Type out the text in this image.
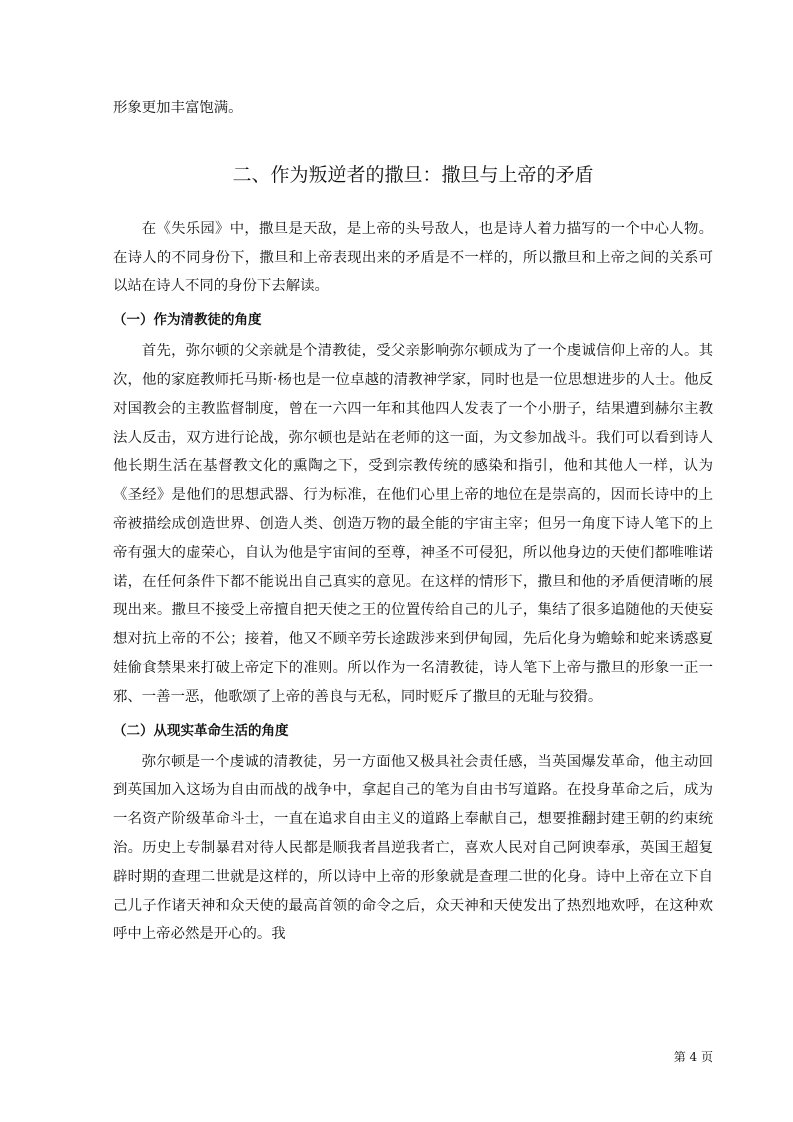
形象更加丰富饱满。

二、作为叛逆者的撒旦：撒旦与上帝的矛盾

在《失乐园》中，撒旦是天敌，是上帝的头号敌人，也是诗人着力描写的一个中心人物。在诗人的不同身份下，撒旦和上帝表现出来的矛盾是不一样的，所以撒旦和上帝之间的关系可以站在诗人不同的身份下去解读。

（一）作为清教徒的角度

首先，弥尔顿的父亲就是个清教徒，受父亲影响弥尔顿成为了一个虔诚信仰上帝的人。其次，他的家庭教师托马斯·杨也是一位卓越的清教神学家，同时也是一位思想进步的人士。他反对国教会的主教监督制度，曾在一六四一年和其他四人发表了一个小册子，结果遭到赫尔主教法人反击，双方进行论战，弥尔顿也是站在老师的这一面，为文参加战斗。我们可以看到诗人他长期生活在基督教文化的熏陶之下，受到宗教传统的感染和指引，他和其他人一样，认为《圣经》是他们的思想武器、行为标准，在他们心里上帝的地位在是崇高的，因而长诗中的上帝被描绘成创造世界、创造人类、创造万物的最全能的宇宙主宰；但另一角度下诗人笔下的上帝有强大的虚荣心，自认为他是宇宙间的至尊，神圣不可侵犯，所以他身边的天使们都唯唯诺诺，在任何条件下都不能说出自己真实的意见。在这样的情形下，撒旦和他的矛盾便清晰的展现出来。撒旦不接受上帝擅自把天使之王的位置传给自己的儿子，集结了很多追随他的天使妄想对抗上帝的不公；接着，他又不顾辛劳长途跋涉来到伊甸园，先后化身为蟾蜍和蛇来诱惑夏娃偷食禁果来打破上帝定下的准则。所以作为一名清教徒，诗人笔下上帝与撒旦的形象一正一邪、一善一恶，他歌颂了上帝的善良与无私，同时贬斥了撒旦的无耻与狡猾。

（二）从现实革命生活的角度

弥尔顿是一个虔诚的清教徒，另一方面他又极具社会责任感，当英国爆发革命，他主动回到英国加入这场为自由而战的战争中，拿起自己的笔为自由书写道路。在投身革命之后，成为一名资产阶级革命斗士，一直在追求自由主义的道路上奉献自己，想要推翻封建王朝的约束统治。历史上专制暴君对待人民都是顺我者昌逆我者亡，喜欢人民对自己阿谀奉承，英国王超复辟时期的查理二世就是这样的，所以诗中上帝的形象就是查理二世的化身。诗中上帝在立下自己儿子作诸天神和众天使的最高首领的命令之后，众天神和天使发出了热烈地欢呼，在这种欢呼中上帝必然是开心的。我

第 4 页
